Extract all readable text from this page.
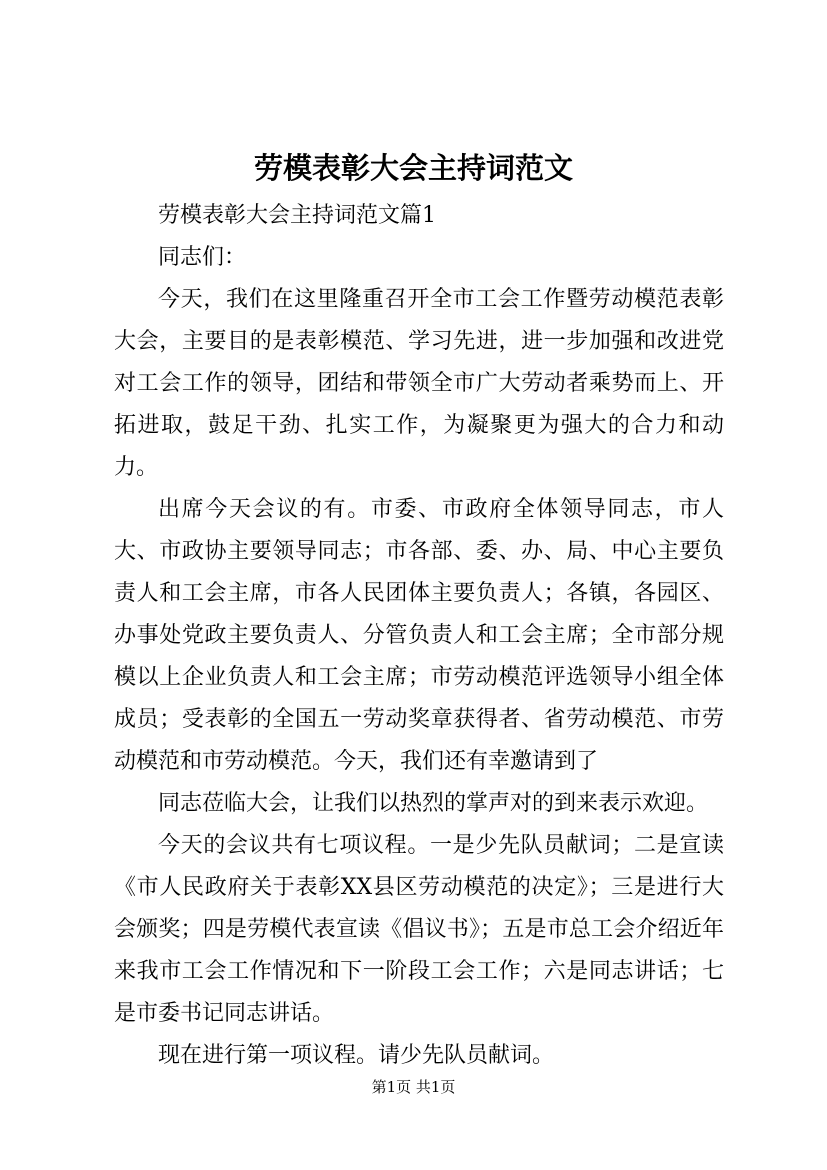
劳模表彰大会主持词范文

劳模表彰大会主持词范文篇1

同志们：

今天，我们在这里隆重召开全市工会工作暨劳动模范表彰大会，主要目的是表彰模范、学习先进，进一步加强和改进党对工会工作的领导，团结和带领全市广大劳动者乘势而上、开拓进取，鼓足干劲、扎实工作，为凝聚更为强大的合力和动力。

出席今天会议的有。市委、市政府全体领导同志，市人大、市政协主要领导同志；市各部、委、办、局、中心主要负责人和工会主席，市各人民团体主要负责人；各镇，各园区、办事处党政主要负责人、分管负责人和工会主席；全市部分规模以上企业负责人和工会主席；市劳动模范评选领导小组全体成员；受表彰的全国五一劳动奖章获得者、省劳动模范、市劳动模范和市劳动模范。今天，我们还有幸邀请到了

同志莅临大会，让我们以热烈的掌声对的到来表示欢迎。

今天的会议共有七项议程。一是少先队员献词；二是宣读《市人民政府关于表彰XX县区劳动模范的决定》；三是进行大会颁奖；四是劳模代表宣读《倡议书》；五是市总工会介绍近年来我市工会工作情况和下一阶段工会工作；六是同志讲话；七是市委书记同志讲话。

现在进行第一项议程。请少先队员献词。

第1页 共1页
